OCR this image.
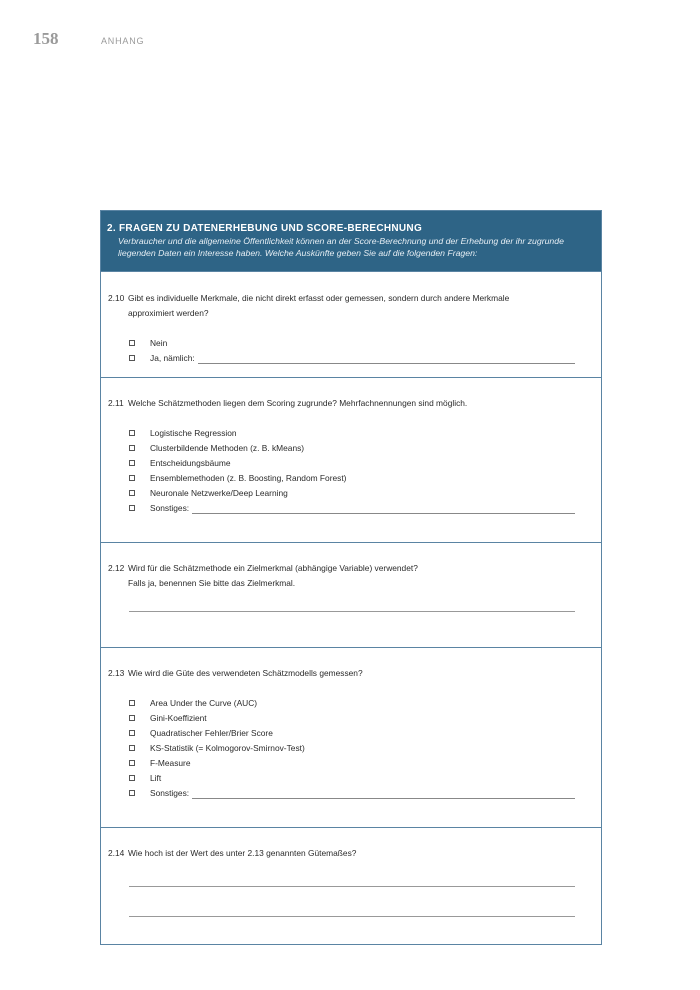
158	ANHANG
2. FRAGEN ZU DATENERHEBUNG UND SCORE-BERECHNUNG
Verbraucher und die allgemeine Öffentlichkeit können an der Score-Berechnung und der Erhebung der ihr zugrunde
liegenden Daten ein Interesse haben. Welche Auskünfte geben Sie auf die folgenden Fragen:
2.10 Gibt es individuelle Merkmale, die nicht direkt erfasst oder gemessen, sondern durch andere Merkmale
approximiert werden?
Nein
Ja, nämlich:
2.11 Welche Schätzmethoden liegen dem Scoring zugrunde? Mehrfachnennungen sind möglich.
Logistische Regression
Clusterbildende Methoden (z. B. kMeans)
Entscheidungsbäume
Ensemblemethoden (z. B. Boosting, Random Forest)
Neuronale Netzwerke/Deep Learning
Sonstiges:
2.12 Wird für die Schätzmethode ein Zielmerkmal (abhängige Variable) verwendet?
Falls ja, benennen Sie bitte das Zielmerkmal.
2.13 Wie wird die Güte des verwendeten Schätzmodells gemessen?
Area Under the Curve (AUC)
Gini-Koeffizient
Quadratischer Fehler/Brier Score
KS-Statistik (= Kolmogorov-Smirnov-Test)
F-Measure
Lift
Sonstiges:
2.14 Wie hoch ist der Wert des unter 2.13 genannten Gütemaßes?
